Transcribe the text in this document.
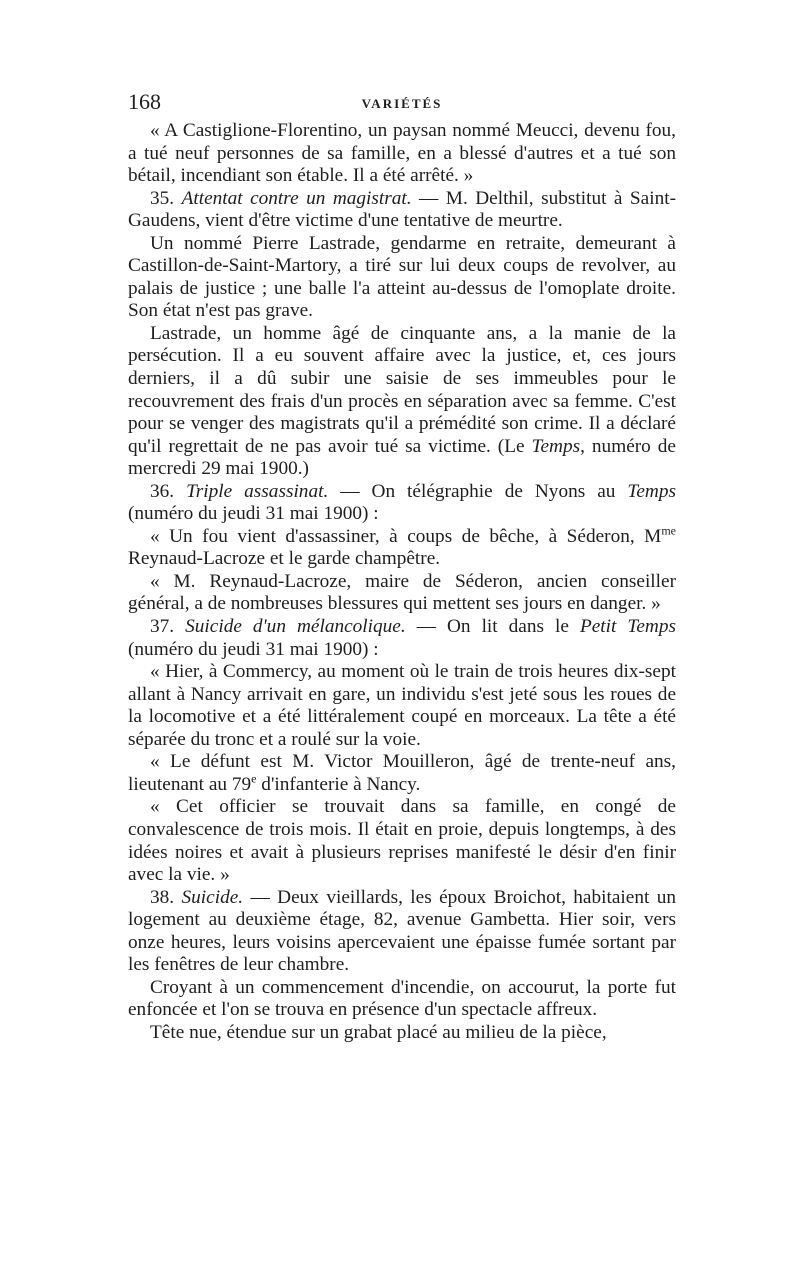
168	VARIÉTÉS

« A Castiglione-Florentino, un paysan nommé Meucci, devenu fou, a tué neuf personnes de sa famille, en a blessé d'autres et a tué son bétail, incendiant son étable. Il a été arrêté. »

35. Attentat contre un magistrat. — M. Delthil, substitut à Saint-Gaudens, vient d'être victime d'une tentative de meurtre.

Un nommé Pierre Lastrade, gendarme en retraite, demeurant à Castillon-de-Saint-Martory, a tiré sur lui deux coups de revolver, au palais de justice ; une balle l'a atteint au-dessus de l'omoplate droite. Son état n'est pas grave.

Lastrade, un homme âgé de cinquante ans, a la manie de la persécution. Il a eu souvent affaire avec la justice, et, ces jours derniers, il a dû subir une saisie de ses immeubles pour le recouvrement des frais d'un procès en séparation avec sa femme. C'est pour se venger des magistrats qu'il a prémédité son crime. Il a déclaré qu'il regrettait de ne pas avoir tué sa victime. (Le Temps, numéro de mercredi 29 mai 1900.)

36. Triple assassinat. — On télégraphie de Nyons au Temps (numéro du jeudi 31 mai 1900) :

« Un fou vient d'assassiner, à coups de bêche, à Séderon, $M^{me}$ Reynaud-Lacroze et le garde champêtre.

« M. Reynaud-Lacroze, maire de Séderon, ancien conseiller général, a de nombreuses blessures qui mettent ses jours en danger. »

37. Suicide d'un mélancolique. — On lit dans le Petit Temps (numéro du jeudi 31 mai 1900) :

« Hier, à Commercy, au moment où le train de trois heures dix-sept allant à Nancy arrivait en gare, un individu s'est jeté sous les roues de la locomotive et a été littéralement coupé en morceaux. La tête a été séparée du tronc et a roulé sur la voie.

« Le défunt est M. Victor Mouilleron, âgé de trente-neuf ans, lieutenant au 79e d'infanterie à Nancy.

« Cet officier se trouvait dans sa famille, en congé de convalescence de trois mois. Il était en proie, depuis longtemps, à des idées noires et avait à plusieurs reprises manifesté le désir d'en finir avec la vie. »

38. Suicide. — Deux vieillards, les époux Broichot, habitaient un logement au deuxième étage, 82, avenue Gambetta. Hier soir, vers onze heures, leurs voisins apercevaient une épaisse fumée sortant par les fenêtres de leur chambre.

Croyant à un commencement d'incendie, on accourut, la porte fut enfoncée et l'on se trouva en présence d'un spectacle affreux.

Tête nue, étendue sur un grabat placé au milieu de la pièce,
